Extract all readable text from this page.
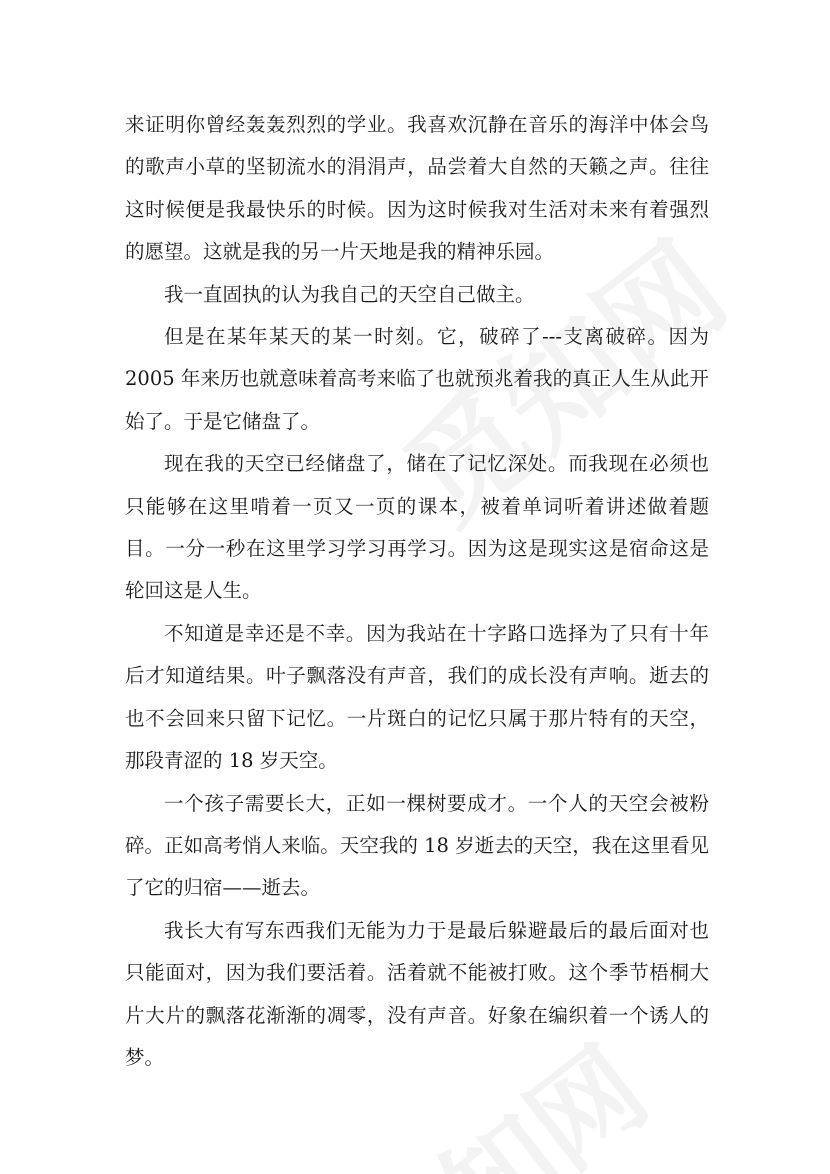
来证明你曾经轰轰烈烈的学业。我喜欢沉静在音乐的海洋中体会鸟的歌声小草的坚韧流水的涓涓声，品尝着大自然的天籁之声。往往这时候便是我最快乐的时候。因为这时候我对生活对未来有着强烈的愿望。这就是我的另一片天地是我的精神乐园。

我一直固执的认为我自己的天空自己做主。

但是在某年某天的某一时刻。它，破碎了---支离破碎。因为 2005 年来历也就意味着高考来临了也就预兆着我的真正人生从此开始了。于是它储盘了。

现在我的天空已经储盘了，储在了记忆深处。而我现在必须也只能够在这里啃着一页又一页的课本，被着单词听着讲述做着题目。一分一秒在这里学习学习再学习。因为这是现实这是宿命这是轮回这是人生。

不知道是幸还是不幸。因为我站在十字路口选择为了只有十年后才知道结果。叶子飘落没有声音，我们的成长没有声响。逝去的也不会回来只留下记忆。一片斑白的记忆只属于那片特有的天空，那段青涩的 18 岁天空。

一个孩子需要长大，正如一棵树要成才。一个人的天空会被粉碎。正如高考悄人来临。天空我的 18 岁逝去的天空，我在这里看见了它的归宿——逝去。

我长大有写东西我们无能为力于是最后躲避最后的最后面对也只能面对，因为我们要活着。活着就不能被打败。这个季节梧桐大片大片的飘落花渐渐的凋零，没有声音。好象在编织着一个诱人的梦。
